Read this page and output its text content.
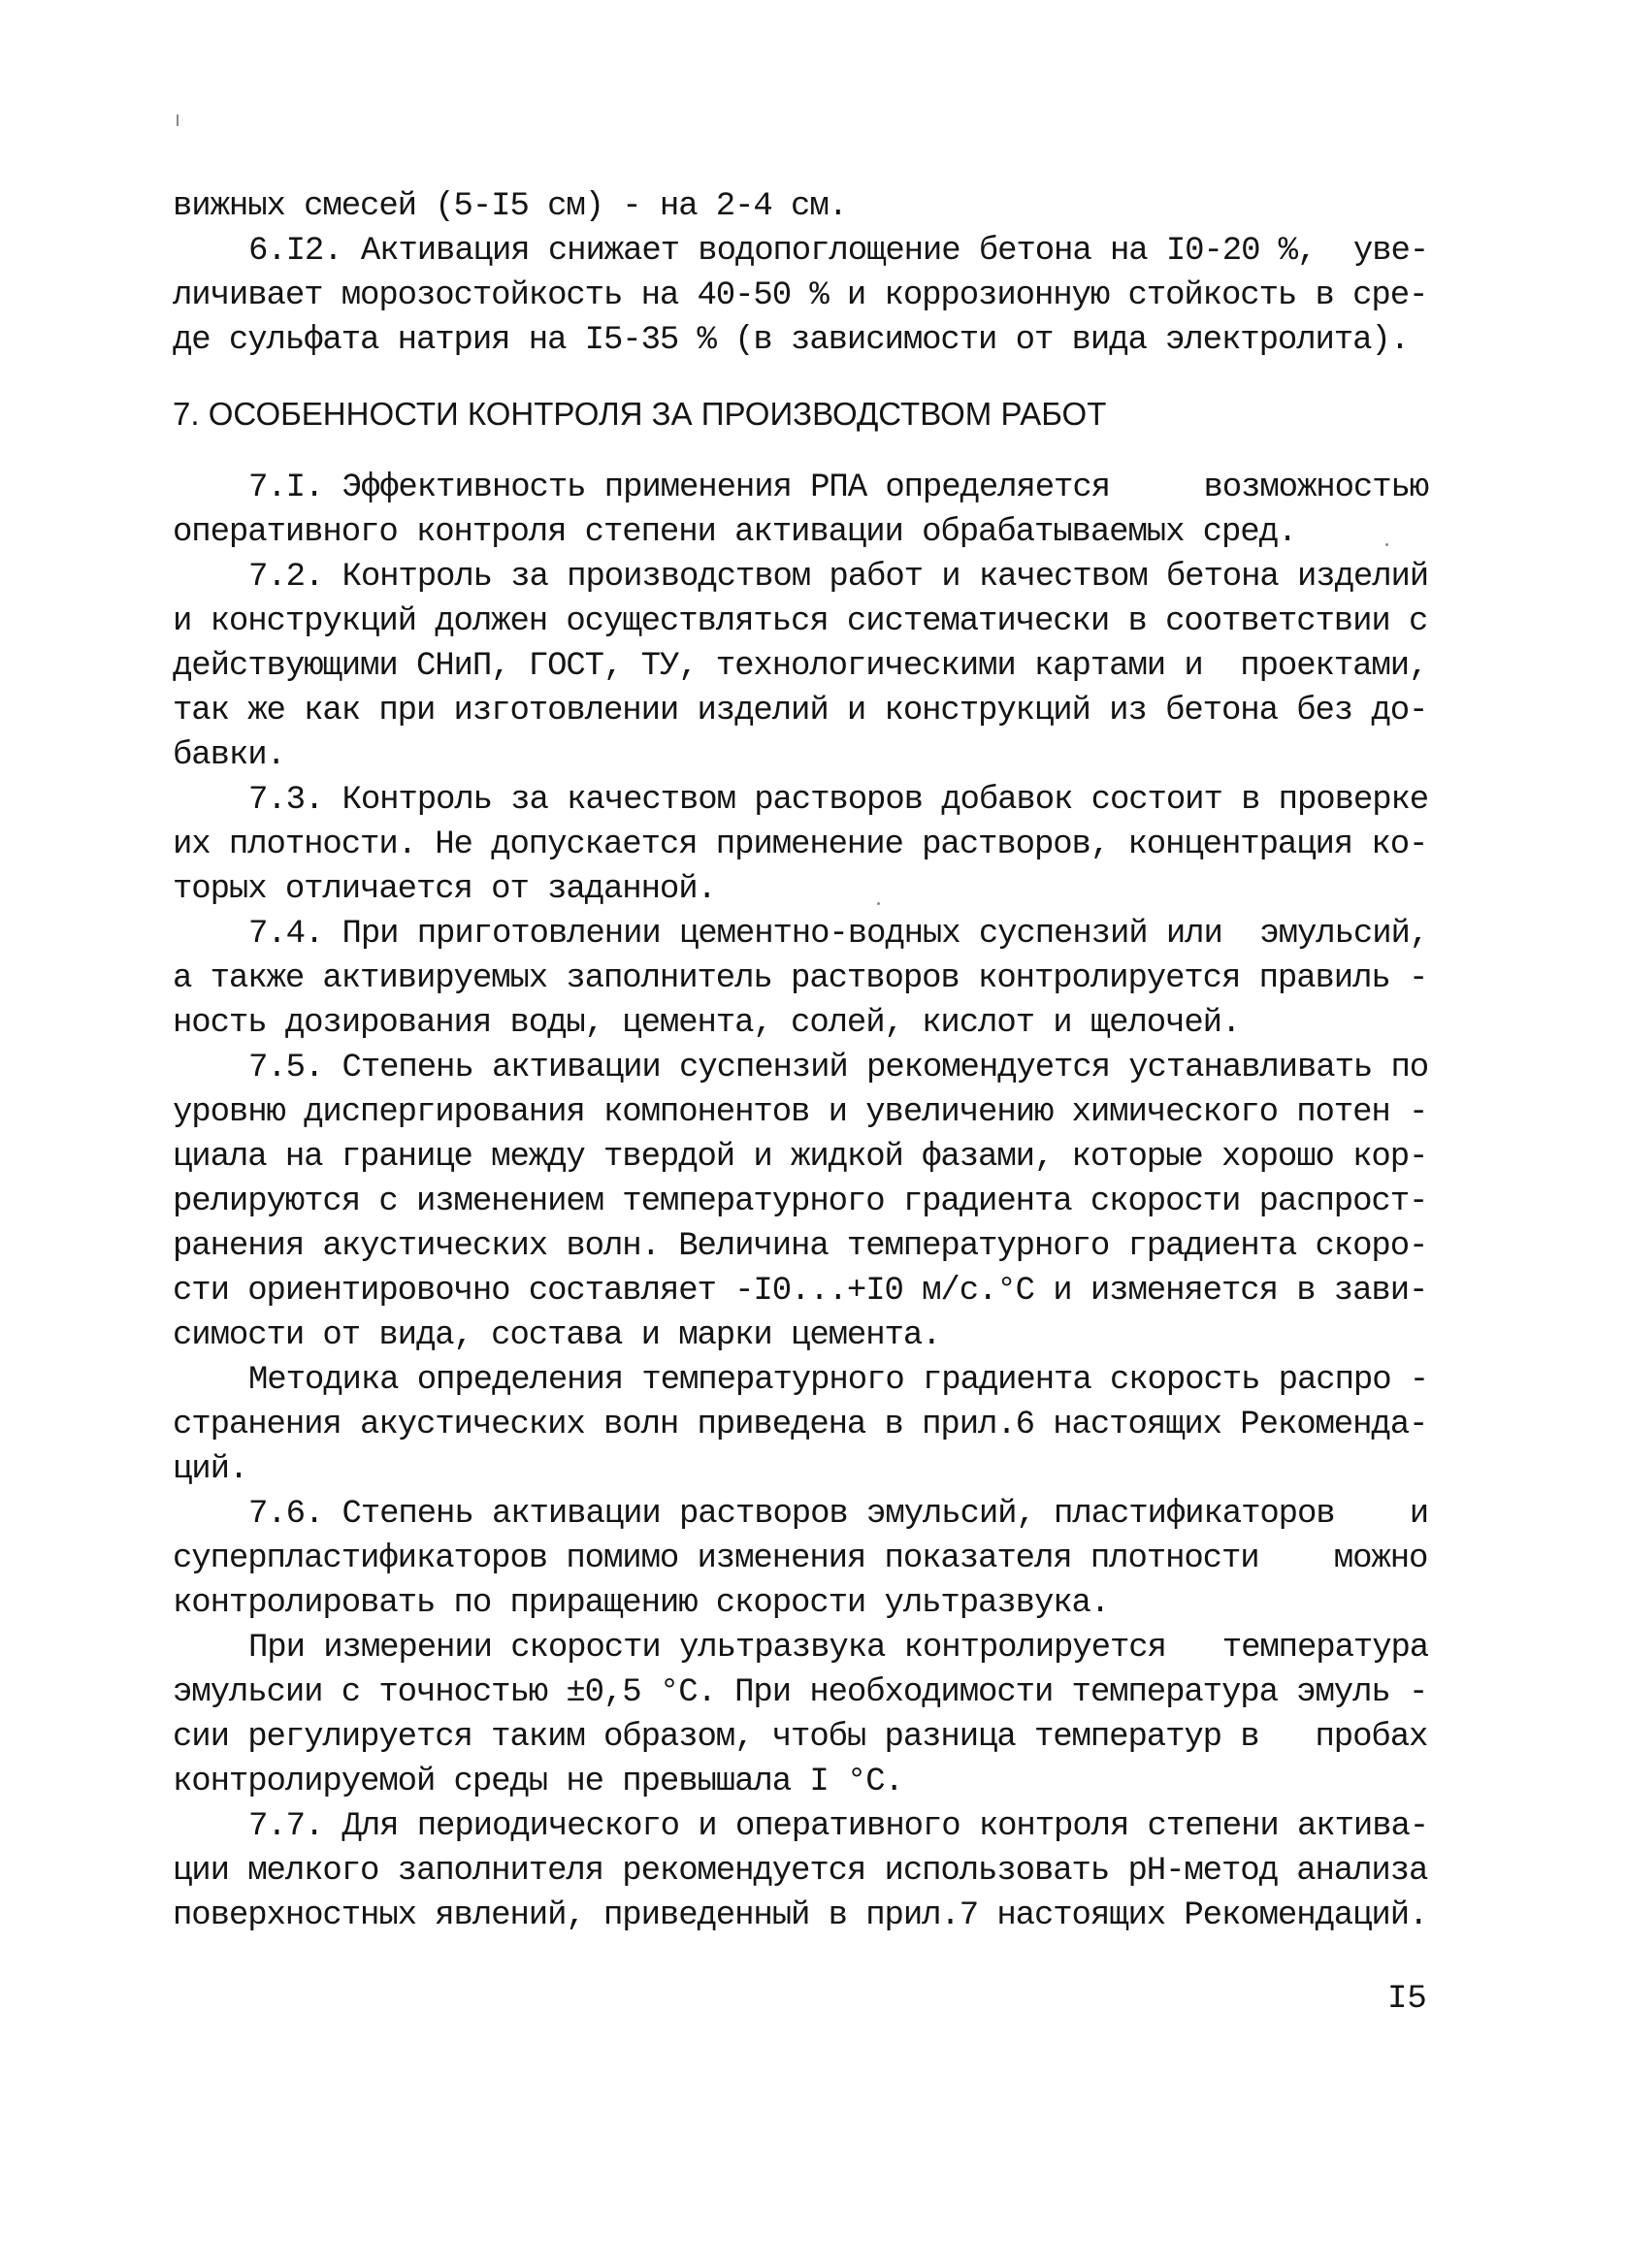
вижных смесей (5-I5 см) - на 2-4 см.
6.I2. Активация снижает водопоглощение бетона на I0-20 %,  уве-
личивает морозостойкость на 40-50 % и коррозионную стойкость в сре-
де сульфата натрия на I5-35 % (в зависимости от вида электролита).
7. ОСОБЕННОСТИ КОНТРОЛЯ ЗА ПРОИЗВОДСТВОМ РАБОТ
7.I. Эффективность применения РПА определяется     возможностью
оперативного контроля степени активации обрабатываемых сред.
7.2. Контроль за производством работ и качеством бетона изделий
и конструкций должен осуществляться систематически в соответствии с
действующими СНиП, ГОСТ, ТУ, технологическими картами и  проектами,
так же как при изготовлении изделий и конструкций из бетона без до-
бавки.
7.3. Контроль за качеством растворов добавок состоит в проверке
их плотности. Не допускается применение растворов, концентрация ко-
торых отличается от заданной.
7.4. При приготовлении цементно-водных суспензий или  эмульсий,
а также активируемых заполнитель растворов контролируется правиль -
ность дозирования воды, цемента, солей, кислот и щелочей.
7.5. Степень активации суспензий рекомендуется устанавливать по
уровню диспергирования компонентов и увеличению химического потен -
циала на границе между твердой и жидкой фазами, которые хорошо кор-
релируются с изменением температурного градиента скорости распрост-
ранения акустических волн. Величина температурного градиента скоро-
сти ориентировочно составляет -I0...+I0 м/с.°С и изменяется в зави-
симости от вида, состава и марки цемента.
Методика определения температурного градиента скорость распро -
странения акустических волн приведена в прил.6 настоящих Рекоменда-
ций.
7.6. Степень активации растворов эмульсий, пластификаторов    и
суперпластификаторов помимо изменения показателя плотности    можно
контролировать по приращению скорости ультразвука.
При измерении скорости ультразвука контролируется   температура
эмульсии с точностью ±0,5 °С. При необходимости температура эмуль -
сии регулируется таким образом, чтобы разница температур в   пробах
контролируемой среды не превышала I °С.
7.7. Для периодического и оперативного контроля степени актива-
ции мелкого заполнителя рекомендуется использовать рН-метод анализа
поверхностных явлений, приведенный в прил.7 настоящих Рекомендаций.
I5
